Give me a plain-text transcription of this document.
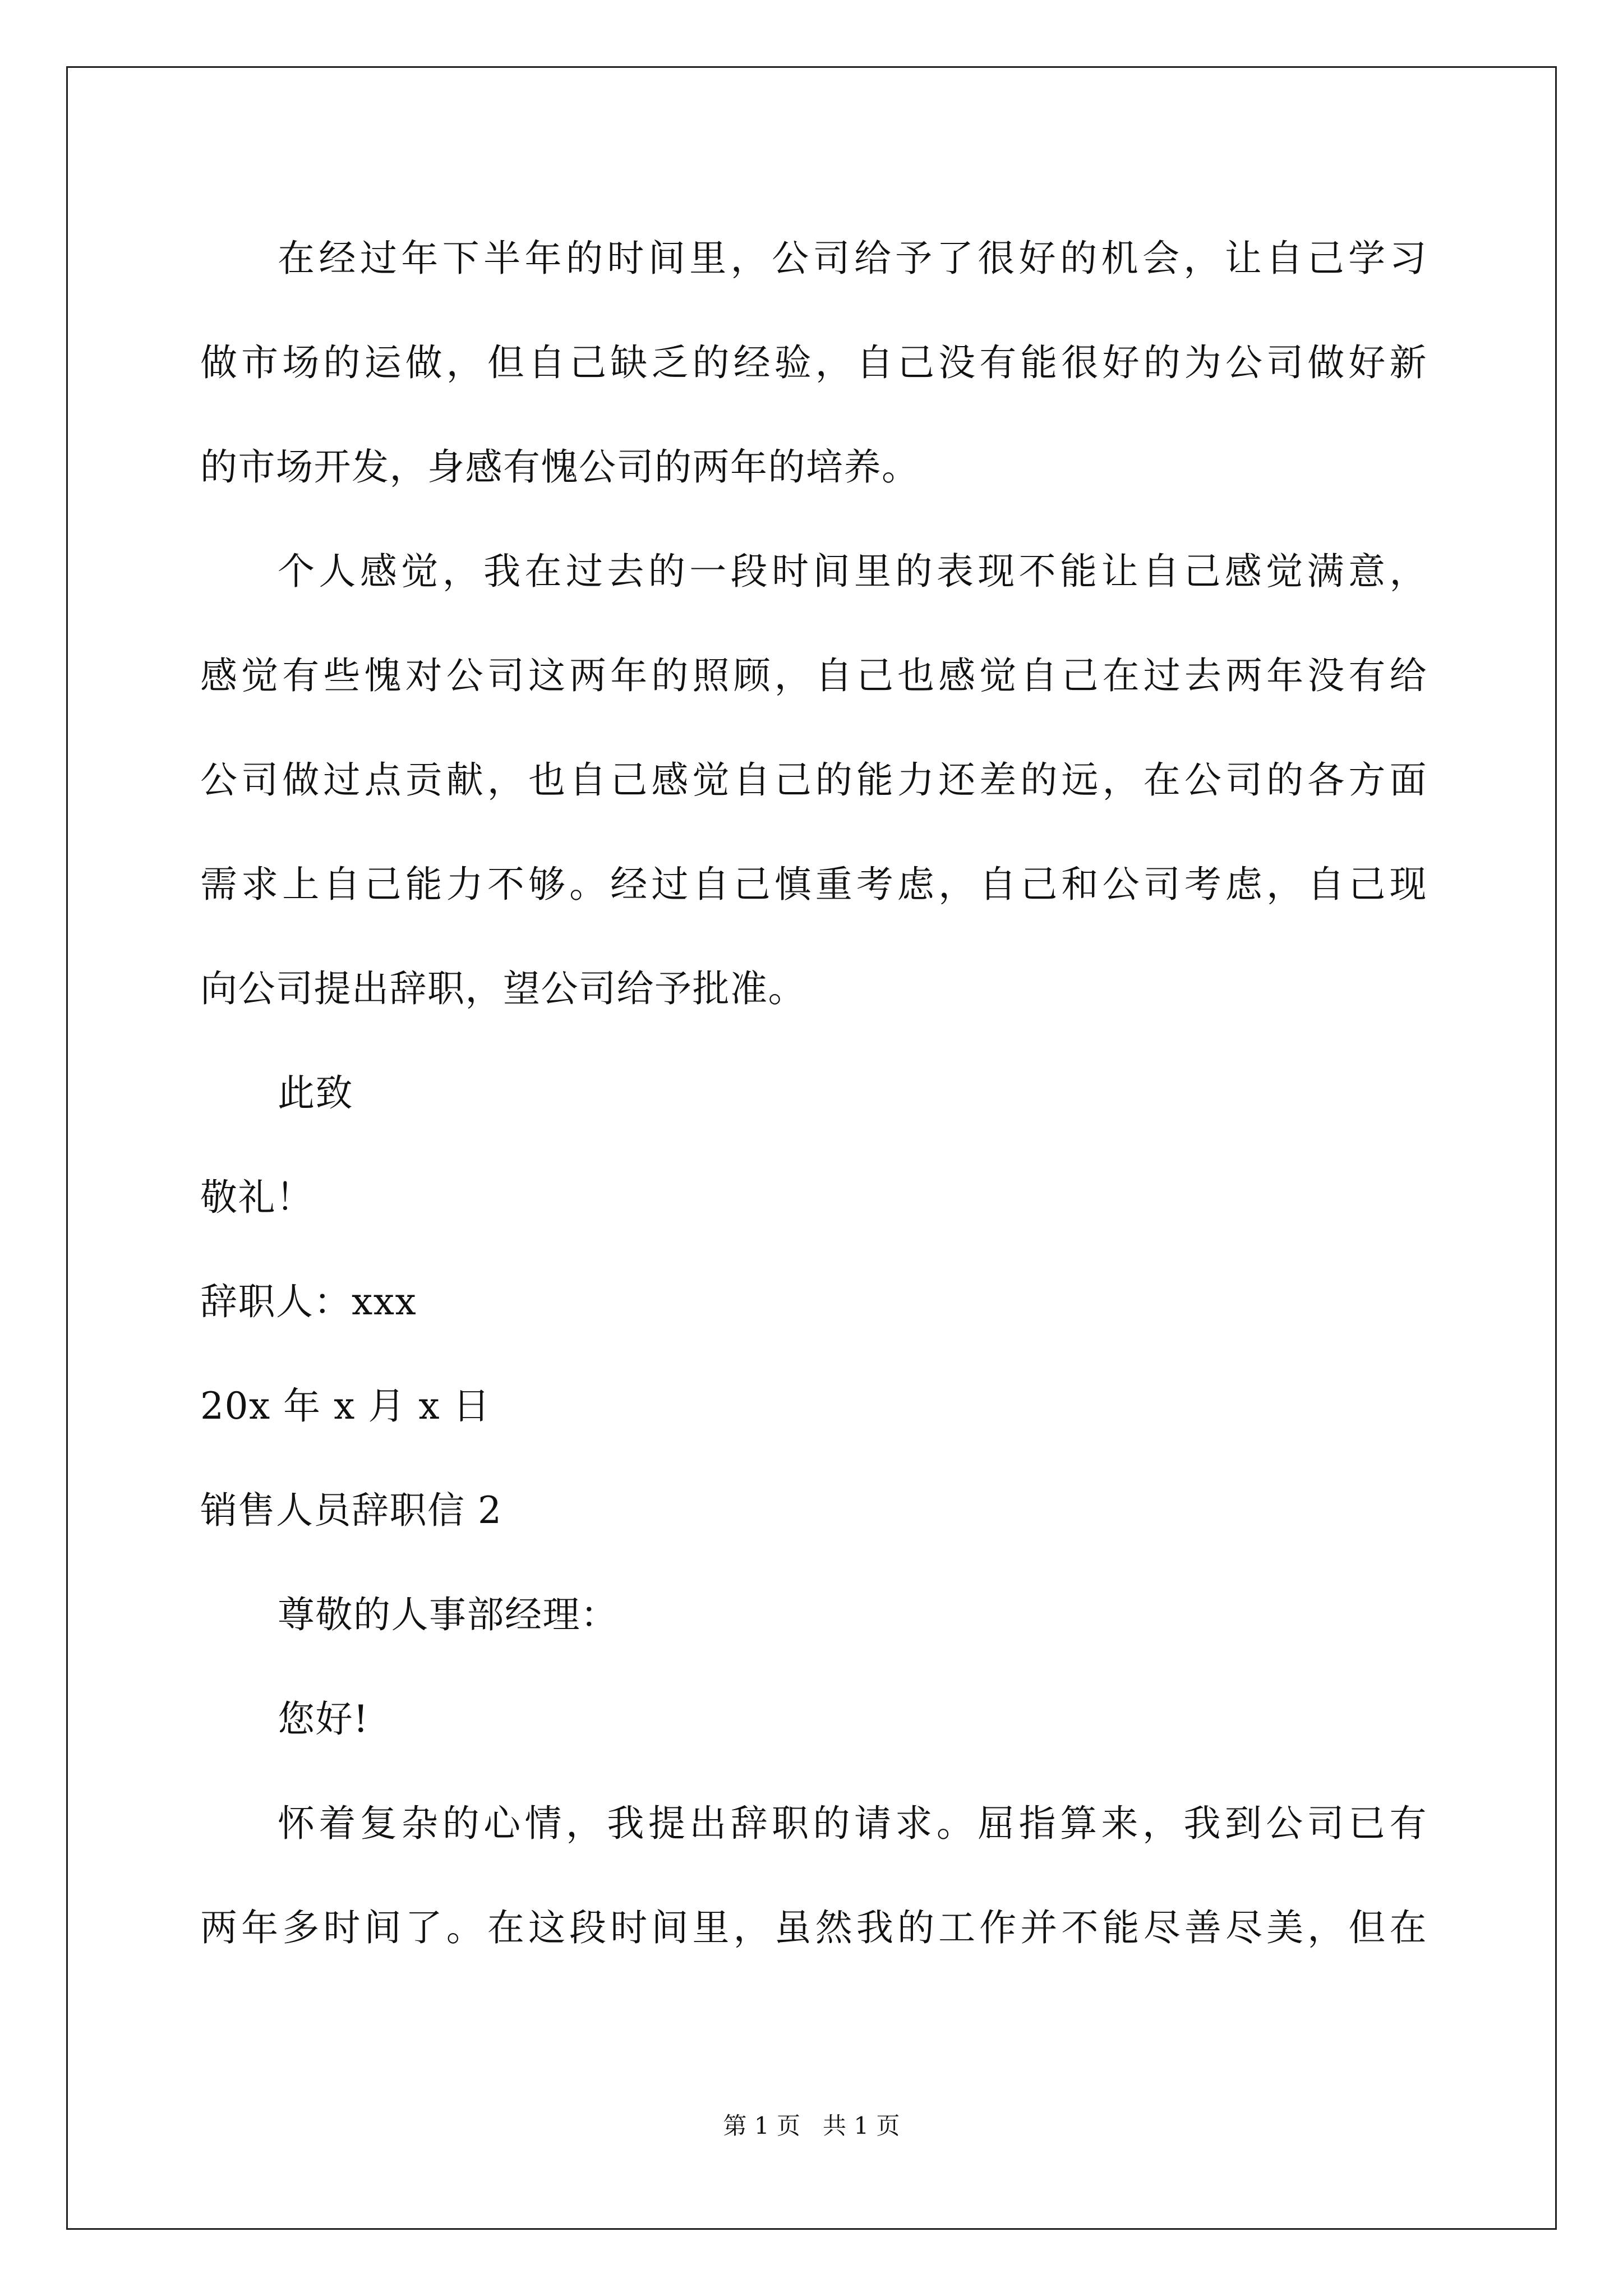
在经过年下半年的时间里，公司给予了很好的机会，让自己学习

做市场的运做，但自己缺乏的经验，自己没有能很好的为公司做好新

的市场开发，身感有愧公司的两年的培养。

个人感觉，我在过去的一段时间里的表现不能让自己感觉满意，

感觉有些愧对公司这两年的照顾，自己也感觉自己在过去两年没有给

公司做过点贡献，也自己感觉自己的能力还差的远，在公司的各方面

需求上自己能力不够。经过自己慎重考虑，自己和公司考虑，自己现

向公司提出辞职，望公司给予批准。

此致

敬礼！

辞职人：xxx

20x 年 x 月 x 日

销售人员辞职信 2

尊敬的人事部经理：

您好!

怀着复杂的心情，我提出辞职的请求。屈指算来，我到公司已有

两年多时间了。在这段时间里，虽然我的工作并不能尽善尽美，但在

第 1 页   共 1 页
